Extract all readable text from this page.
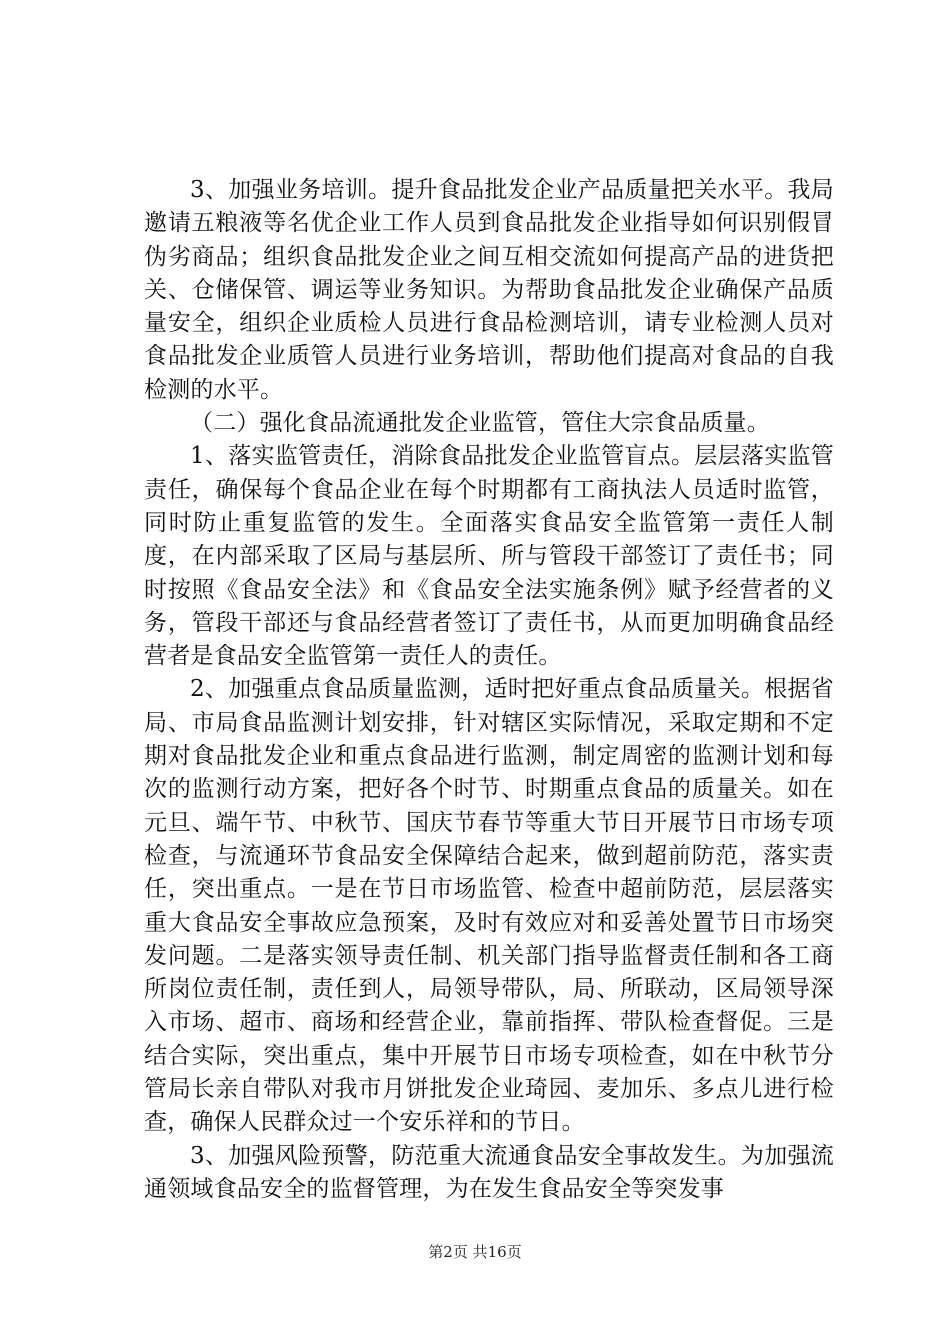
3、加强业务培训。提升食品批发企业产品质量把关水平。我局邀请五粮液等名优企业工作人员到食品批发企业指导如何识别假冒伪劣商品；组织食品批发企业之间互相交流如何提高产品的进货把关、仓储保管、调运等业务知识。为帮助食品批发企业确保产品质量安全，组织企业质检人员进行食品检测培训，请专业检测人员对食品批发企业质管人员进行业务培训，帮助他们提高对食品的自我检测的水平。

（二）强化食品流通批发企业监管，管住大宗食品质量。

1、落实监管责任，消除食品批发企业监管盲点。层层落实监管责任，确保每个食品企业在每个时期都有工商执法人员适时监管，同时防止重复监管的发生。全面落实食品安全监管第一责任人制度，在内部采取了区局与基层所、所与管段干部签订了责任书；同时按照《食品安全法》和《食品安全法实施条例》赋予经营者的义务，管段干部还与食品经营者签订了责任书，从而更加明确食品经营者是食品安全监管第一责任人的责任。

2、加强重点食品质量监测，适时把好重点食品质量关。根据省局、市局食品监测计划安排，针对辖区实际情况，采取定期和不定期对食品批发企业和重点食品进行监测，制定周密的监测计划和每次的监测行动方案，把好各个时节、时期重点食品的质量关。如在元旦、端午节、中秋节、国庆节春节等重大节日开展节日市场专项检查，与流通环节食品安全保障结合起来，做到超前防范，落实责任，突出重点。一是在节日市场监管、检查中超前防范，层层落实重大食品安全事故应急预案，及时有效应对和妥善处置节日市场突发问题。二是落实领导责任制、机关部门指导监督责任制和各工商所岗位责任制，责任到人，局领导带队，局、所联动，区局领导深入市场、超市、商场和经营企业，靠前指挥、带队检查督促。三是结合实际，突出重点，集中开展节日市场专项检查，如在中秋节分管局长亲自带队对我市月饼批发企业琦园、麦加乐、多点儿进行检查，确保人民群众过一个安乐祥和的节日。

3、加强风险预警，防范重大流通食品安全事故发生。为加强流通领域食品安全的监督管理，为在发生食品安全等突发事

第2页 共16页
